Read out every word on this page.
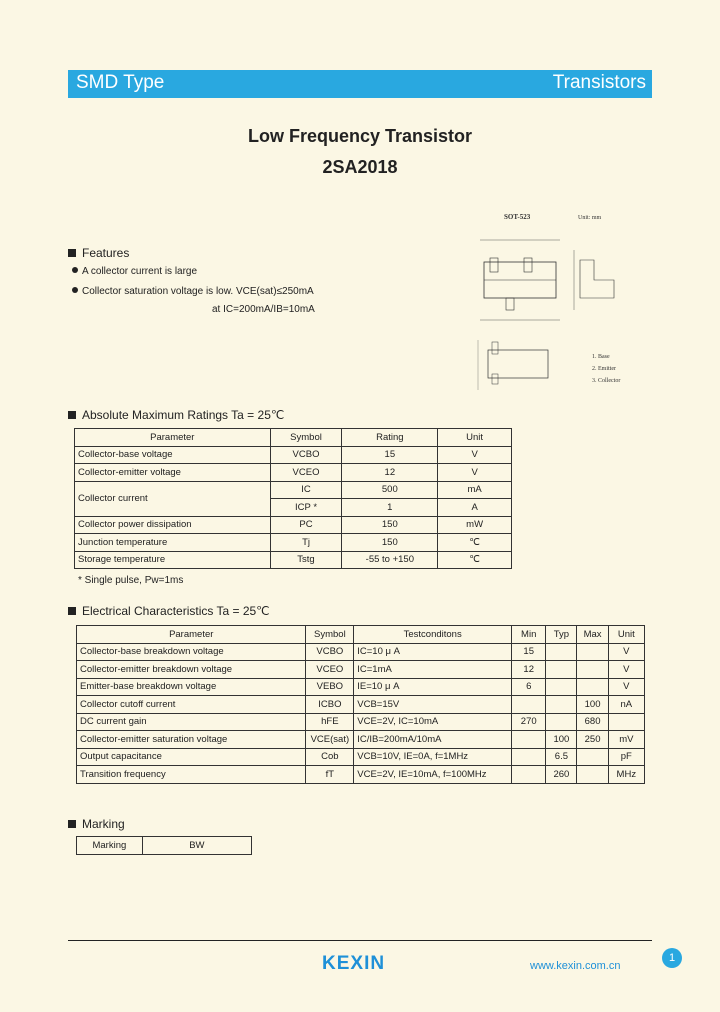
SMD Type	Transistors
Low Frequency Transistor
2SA2018
Features
A collector current is large
Collector saturation voltage is low. VCE(sat)≤250mA
at IC=200mA/IB=10mA
SOT-523	Unit: mm
1. Base
2. Emitter
3. Collector
Absolute Maximum Ratings Ta = 25℃
Parameter	Symbol	Rating	Unit
Collector-base voltage	VCBO	15	V
Collector-emitter voltage	VCEO	12	V
Collector current	IC	500	mA
	ICP *	1	A
Collector power dissipation	PC	150	mW
Junction temperature	Tj	150	℃
Storage temperature	Tstg	-55 to +150	℃
* Single pulse, Pw=1ms
Electrical Characteristics Ta = 25℃
Parameter	Symbol	Testconditons	Min	Typ	Max	Unit
Collector-base breakdown voltage	VCBO	IC=10 μ A	15			V
Collector-emitter breakdown voltage	VCEO	IC=1mA	12			V
Emitter-base breakdown voltage	VEBO	IE=10 μ A	6			V
Collector cutoff current	ICBO	VCB=15V			100	nA
DC current gain	hFE	VCE=2V, IC=10mA	270		680	
Collector-emitter saturation voltage	VCE(sat)	IC/IB=200mA/10mA		100	250	mV
Output capacitance	Cob	VCB=10V, IE=0A, f=1MHz		6.5		pF
Transition frequency	fT	VCE=2V, IE=10mA, f=100MHz		260		MHz
Marking
Marking	BW
KEXIN	www.kexin.com.cn
1
